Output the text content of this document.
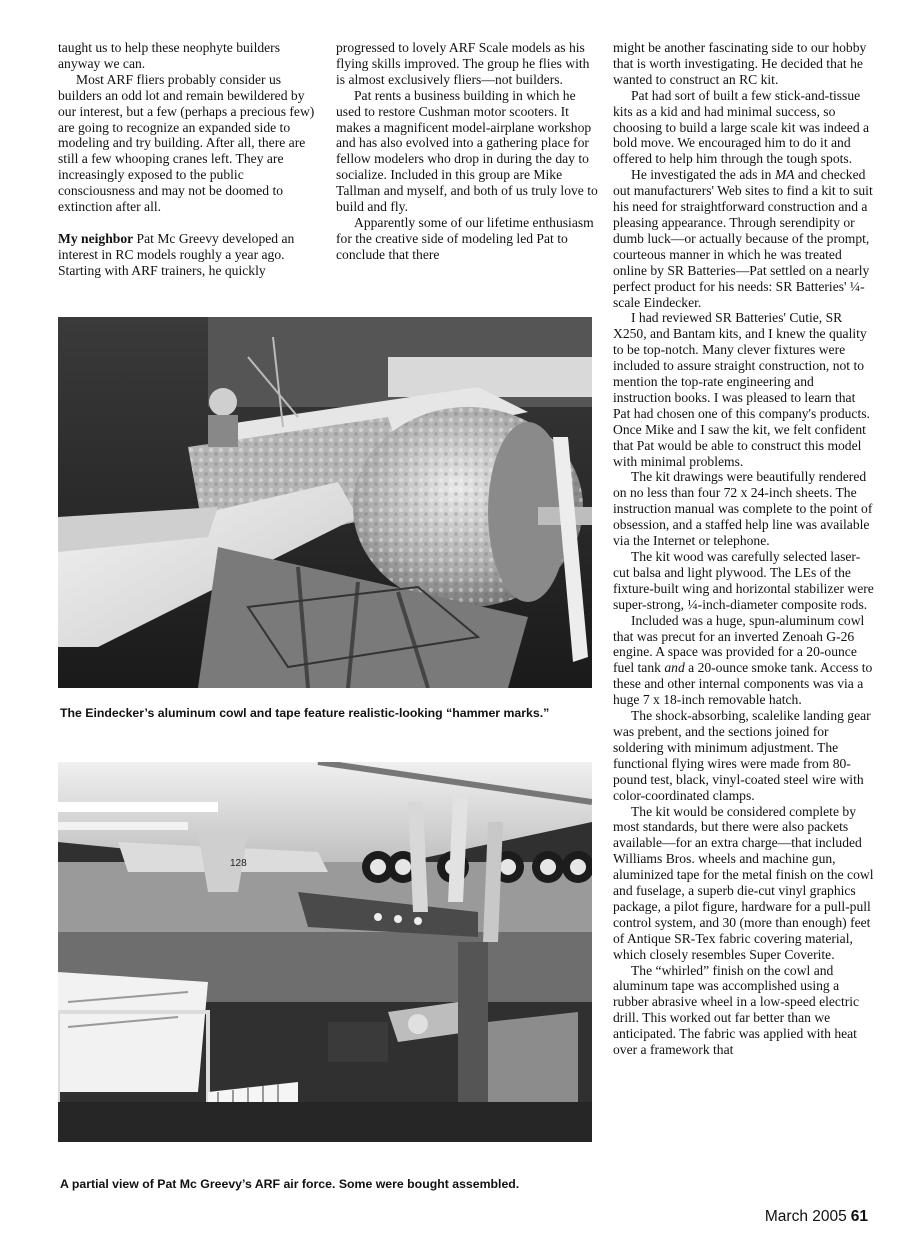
taught us to help these neophyte builders anyway we can.

Most ARF fliers probably consider us builders an odd lot and remain bewildered by our interest, but a few (perhaps a precious few) are going to recognize an expanded side to modeling and try building. After all, there are still a few whooping cranes left. They are increasingly exposed to the public consciousness and may not be doomed to extinction after all.

My neighbor Pat Mc Greevy developed an interest in RC models roughly a year ago. Starting with ARF trainers, he quickly

progressed to lovely ARF Scale models as his flying skills improved. The group he flies with is almost exclusively fliers—not builders.

Pat rents a business building in which he used to restore Cushman motor scooters. It makes a magnificent model-airplane workshop and has also evolved into a gathering place for fellow modelers who drop in during the day to socialize. Included in this group are Mike Tallman and myself, and both of us truly love to build and fly.

Apparently some of our lifetime enthusiasm for the creative side of modeling led Pat to conclude that there

might be another fascinating side to our hobby that is worth investigating. He decided that he wanted to construct an RC kit.

Pat had sort of built a few stick-and-tissue kits as a kid and had minimal success, so choosing to build a large scale kit was indeed a bold move. We encouraged him to do it and offered to help him through the tough spots.

He investigated the ads in MA and checked out manufacturers' Web sites to find a kit to suit his need for straightforward construction and a pleasing appearance. Through serendipity or dumb luck—or actually because of the prompt, courteous manner in which he was treated online by SR Batteries—Pat settled on a nearly perfect product for his needs: SR Batteries' ¼-scale Eindecker.

I had reviewed SR Batteries' Cutie, SR X250, and Bantam kits, and I knew the quality to be top-notch. Many clever fixtures were included to assure straight construction, not to mention the top-rate engineering and instruction books. I was pleased to learn that Pat had chosen one of this company's products. Once Mike and I saw the kit, we felt confident that Pat would be able to construct this model with minimal problems.

The kit drawings were beautifully rendered on no less than four 72 x 24-inch sheets. The instruction manual was complete to the point of obsession, and a staffed help line was available via the Internet or telephone.

The kit wood was carefully selected laser-cut balsa and light plywood. The LEs of the fixture-built wing and horizontal stabilizer were super-strong, ¼-inch-diameter composite rods.

Included was a huge, spun-aluminum cowl that was precut for an inverted Zenoah G-26 engine. A space was provided for a 20-ounce fuel tank and a 20-ounce smoke tank. Access to these and other internal components was via a huge 7 x 18-inch removable hatch.

The shock-absorbing, scalelike landing gear was prebent, and the sections joined for soldering with minimum adjustment. The functional flying wires were made from 80-pound test, black, vinyl-coated steel wire with color-coordinated clamps.

The kit would be considered complete by most standards, but there were also packets available—for an extra charge—that included Williams Bros. wheels and machine gun, aluminized tape for the metal finish on the cowl and fuselage, a superb die-cut vinyl graphics package, a pilot figure, hardware for a pull-pull control system, and 30 (more than enough) feet of Antique SR-Tex fabric covering material, which closely resembles Super Coverite.

The “whirled” finish on the cowl and aluminum tape was accomplished using a rubber abrasive wheel in a low-speed electric drill. This worked out far better than we anticipated. The fabric was applied with heat over a framework that

The Eindecker’s aluminum cowl and tape feature realistic-looking “hammer marks.”
128
A partial view of Pat Mc Greevy’s ARF air force. Some were bought assembled.
March 2005 61
